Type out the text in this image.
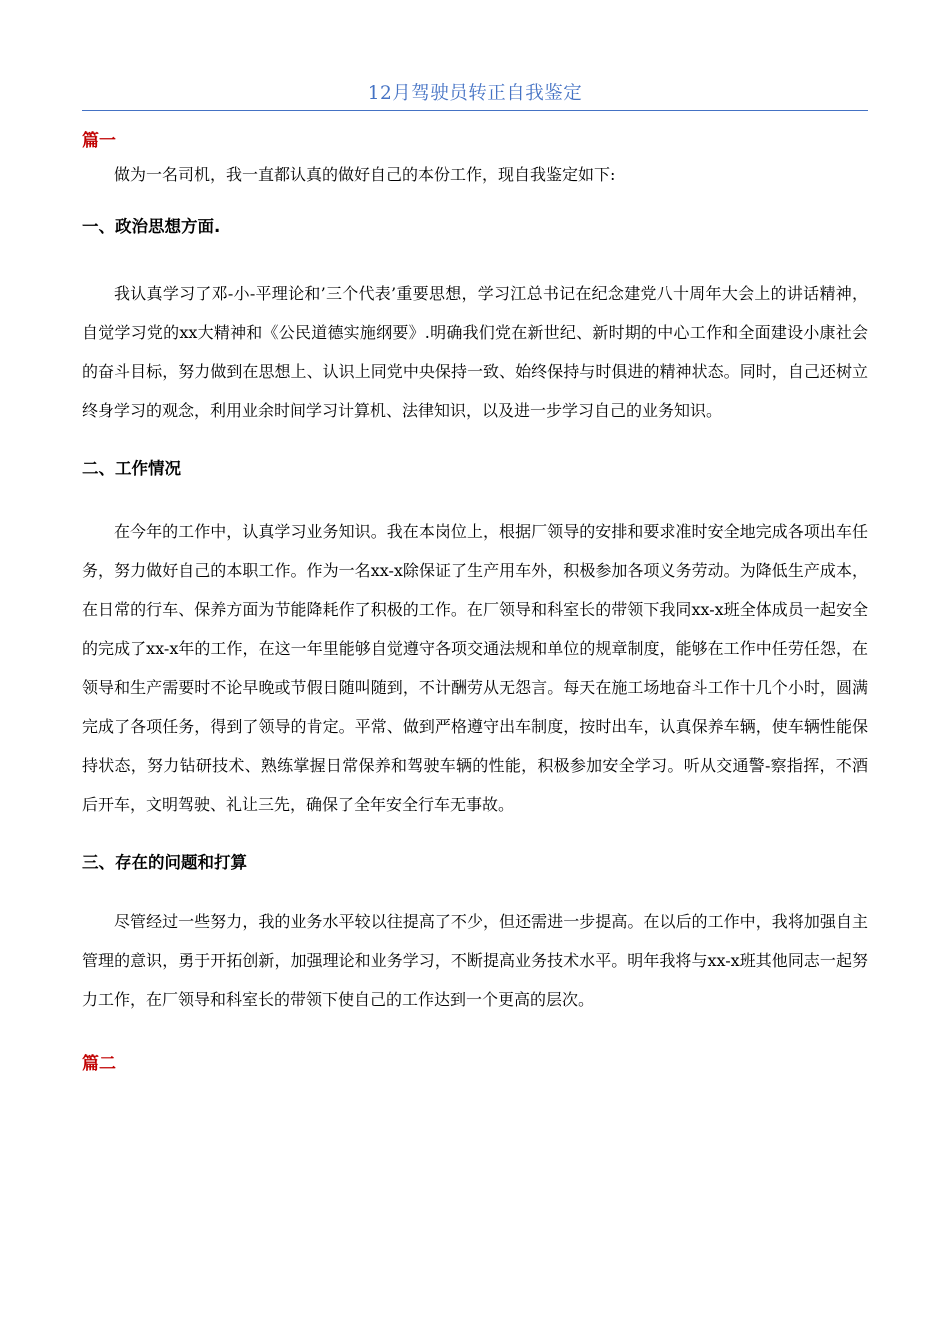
12月驾驶员转正自我鉴定
篇一

做为一名司机，我一直都认真的做好自己的本份工作，现自我鉴定如下:

一、政治思想方面.

我认真学习了邓-小-平理论和’三个代表’重要思想，学习江总书记在纪念建党八十周年大会上的讲话精神，自觉学习党的xx大精神和《公民道德实施纲要》.明确我们党在新世纪、新时期的中心工作和全面建设小康社会的奋斗目标，努力做到在思想上、认识上同党中央保持一致、始终保持与时俱进的精神状态。同时，自己还树立终身学习的观念，利用业余时间学习计算机、法律知识，以及进一步学习自己的业务知识。

二、工作情况

在今年的工作中，认真学习业务知识。我在本岗位上，根据厂领导的安排和要求准时安全地完成各项出车任务，努力做好自己的本职工作。作为一名xx-x除保证了生产用车外，积极参加各项义务劳动。为降低生产成本，在日常的行车、保养方面为节能降耗作了积极的工作。在厂领导和科室长的带领下我同xx-x班全体成员一起安全的完成了xx-x年的工作，在这一年里能够自觉遵守各项交通法规和单位的规章制度，能够在工作中任劳任怨，在领导和生产需要时不论早晚或节假日随叫随到，不计酬劳从无怨言。每天在施工场地奋斗工作十几个小时，圆满完成了各项任务，得到了领导的肯定。平常、做到严格遵守出车制度，按时出车，认真保养车辆，使车辆性能保持状态，努力钻研技术、熟练掌握日常保养和驾驶车辆的性能，积极参加安全学习。听从交通警-察指挥，不酒后开车，文明驾驶、礼让三先，确保了全年安全行车无事故。

三、存在的问题和打算

尽管经过一些努力，我的业务水平较以往提高了不少，但还需进一步提高。在以后的工作中，我将加强自主管理的意识，勇于开拓创新，加强理论和业务学习，不断提高业务技术水平。明年我将与xx-x班其他同志一起努力工作，在厂领导和科室长的带领下使自己的工作达到一个更高的层次。

篇二
